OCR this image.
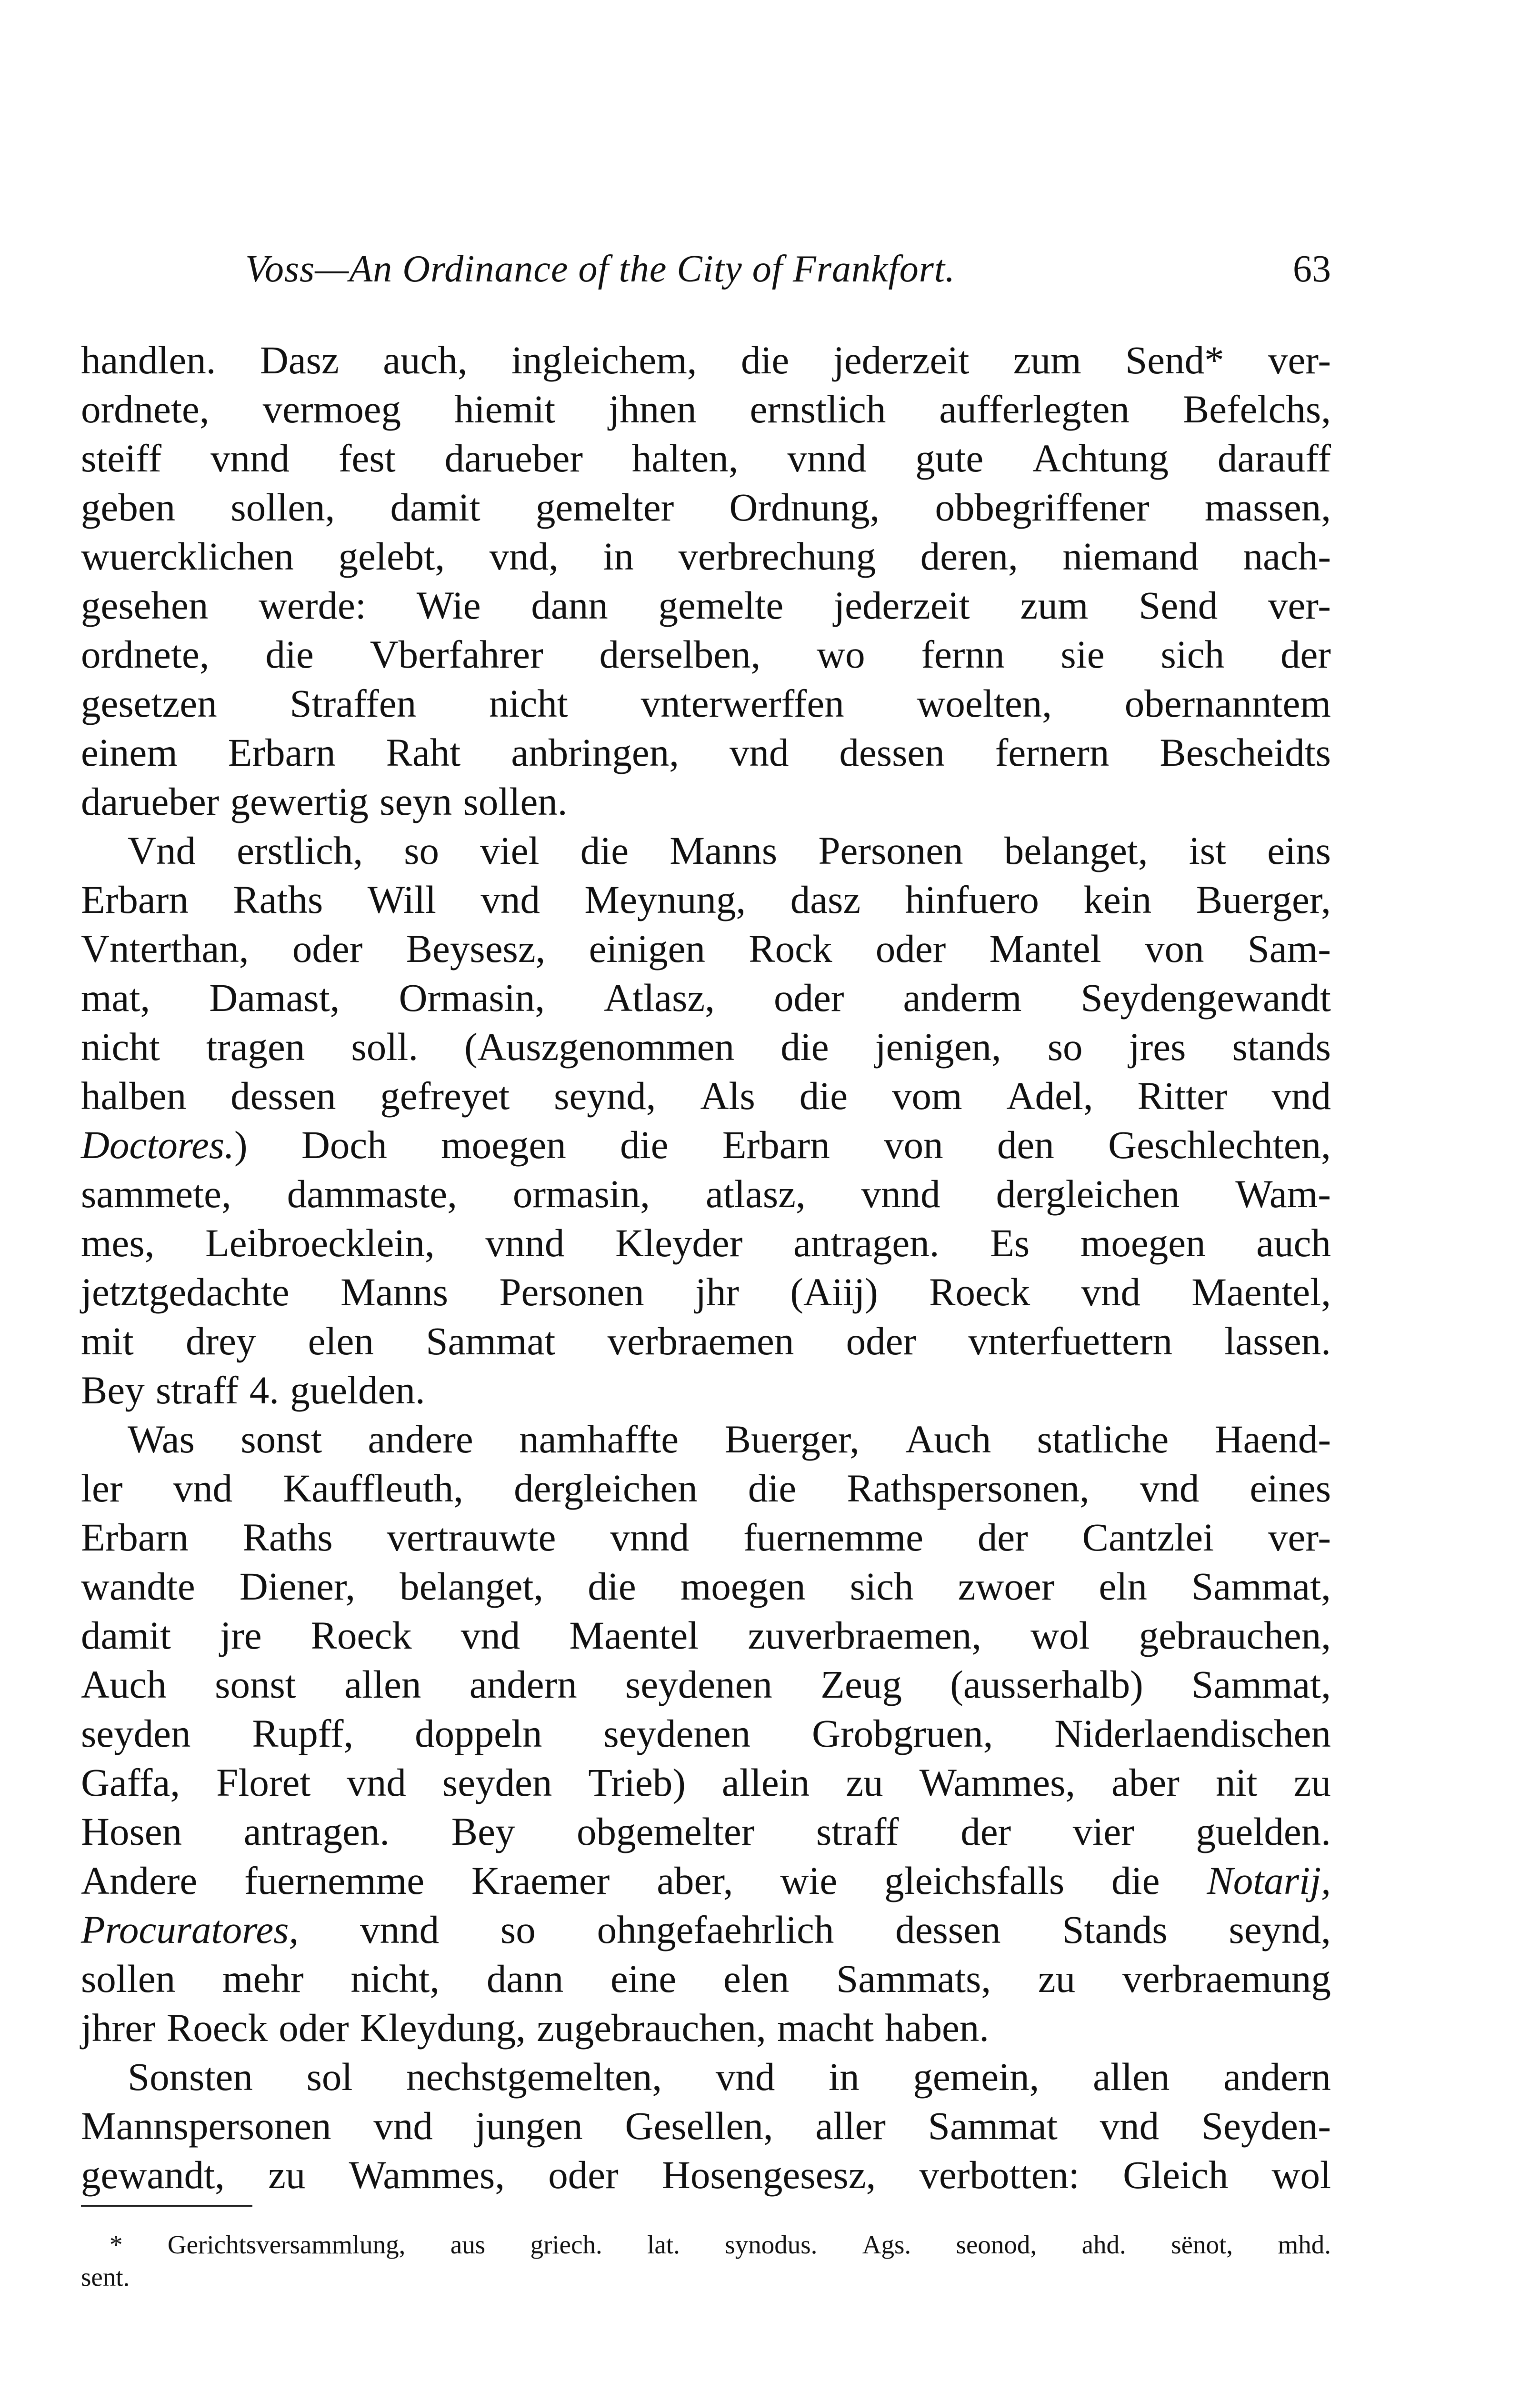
Voss—An Ordinance of the City of Frankfort.	63
handlen. Dasz auch, ingleichem, die jederzeit zum Send* ver-
ordnete, vermoeg hiemit jhnen ernstlich aufferlegten Befelchs,
steiff vnnd fest darueber halten, vnnd gute Achtung darauff
geben sollen, damit gemelter Ordnung, obbegriffener massen,
wuercklichen gelebt, vnd, in verbrechung deren, niemand nach-
gesehen werde: Wie dann gemelte jederzeit zum Send ver-
ordnete, die Vberfahrer derselben, wo fernn sie sich der
gesetzen Straffen nicht vnterwerffen woelten, obernanntem
einem Erbarn Raht anbringen, vnd dessen fernern Bescheidts
darueber gewertig seyn sollen.
Vnd erstlich, so viel die Manns Personen belanget, ist eins
Erbarn Raths Will vnd Meynung, dasz hinfuero kein Buerger,
Vnterthan, oder Beysesz, einigen Rock oder Mantel von Sam-
mat, Damast, Ormasin, Atlasz, oder anderm Seydengewandt
nicht tragen soll. (Auszgenommen die jenigen, so jres stands
halben dessen gefreyet seynd, Als die vom Adel, Ritter vnd
Doctores.) Doch moegen die Erbarn von den Geschlechten,
sammete, dammaste, ormasin, atlasz, vnnd dergleichen Wam-
mes, Leibroecklein, vnnd Kleyder antragen. Es moegen auch
jetztgedachte Manns Personen jhr (Aiij) Roeck vnd Maentel,
mit drey elen Sammat verbraemen oder vnterfuettern lassen.
Bey straff 4. guelden.
Was sonst andere namhaffte Buerger, Auch statliche Haend-
ler vnd Kauffleuth, dergleichen die Rathspersonen, vnd eines
Erbarn Raths vertrauwte vnnd fuernemme der Cantzlei ver-
wandte Diener, belanget, die moegen sich zwoer eln Sammat,
damit jre Roeck vnd Maentel zuverbraemen, wol gebrauchen,
Auch sonst allen andern seydenen Zeug (ausserhalb) Sammat,
seyden Rupff, doppeln seydenen Grobgruen, Niderlaendischen
Gaffa, Floret vnd seyden Trieb) allein zu Wammes, aber nit zu
Hosen antragen. Bey obgemelter straff der vier guelden.
Andere fuernemme Kraemer aber, wie gleichsfalls die Notarij,
Procuratores, vnnd so ohngefaehrlich dessen Stands seynd,
sollen mehr nicht, dann eine elen Sammats, zu verbraemung
jhrer Roeck oder Kleydung, zugebrauchen, macht haben.
Sonsten sol nechstgemelten, vnd in gemein, allen andern
Mannspersonen vnd jungen Gesellen, aller Sammat vnd Seyden-
gewandt, zu Wammes, oder Hosengesesz, verbotten: Gleich wol
* Gerichtsversammlung, aus griech. lat. synodus. Ags. seonod, ahd. sënot, mhd.
sent.
